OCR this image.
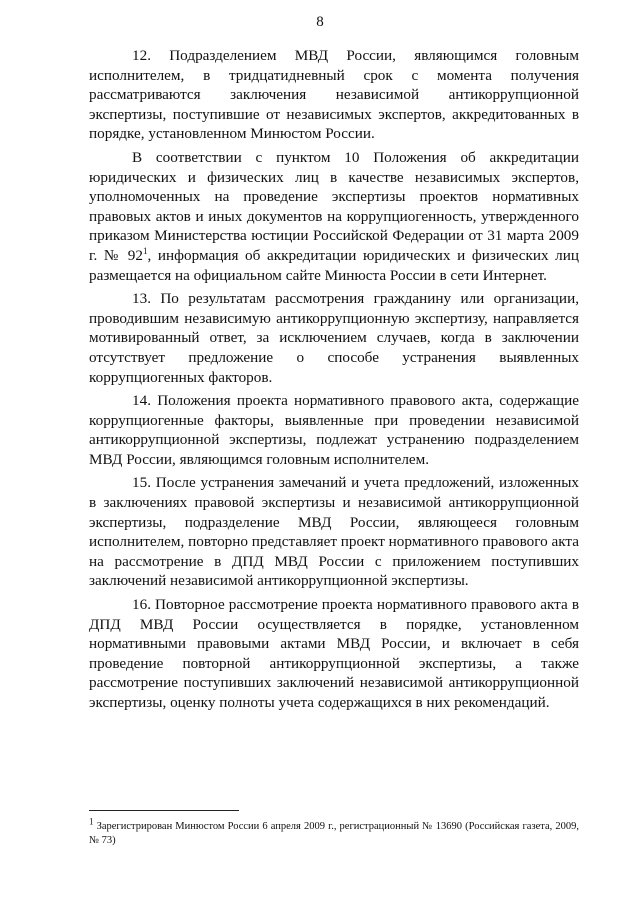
8

12. Подразделением МВД России, являющимся головным исполнителем, в тридцатидневный срок с момента получения рассматриваются заключения независимой антикоррупционной экспертизы, поступившие от независимых экспертов, аккредитованных в порядке, установленном Минюстом России.

В соответствии с пунктом 10 Положения об аккредитации юридических и физических лиц в качестве независимых экспертов, уполномоченных на проведение экспертизы проектов нормативных правовых актов и иных документов на коррупциогенность, утвержденного приказом Министерства юстиции Российской Федерации от 31 марта 2009 г. № $92^1$, информация об аккредитации юридических и физических лиц размещается на официальном сайте Минюста России в сети Интернет.

13. По результатам рассмотрения гражданину или организации, проводившим независимую антикоррупционную экспертизу, направляется мотивированный ответ, за исключением случаев, когда в заключении отсутствует предложение о способе устранения выявленных коррупциогенных факторов.

14. Положения проекта нормативного правового акта, содержащие коррупциогенные факторы, выявленные при проведении независимой антикоррупционной экспертизы, подлежат устранению подразделением МВД России, являющимся головным исполнителем.

15. После устранения замечаний и учета предложений, изложенных в заключениях правовой экспертизы и независимой антикоррупционной экспертизы, подразделение МВД России, являющееся головным исполнителем, повторно представляет проект нормативного правового акта на рассмотрение в ДПД МВД России с приложением поступивших заключений независимой антикоррупционной экспертизы.

16. Повторное рассмотрение проекта нормативного правового акта в ДПД МВД России осуществляется в порядке, установленном нормативными правовыми актами МВД России, и включает в себя проведение повторной антикоррупционной экспертизы, а также рассмотрение поступивших заключений независимой антикоррупционной экспертизы, оценку полноты учета содержащихся в них рекомендаций.

$^1$ Зарегистрирован Минюстом России 6 апреля 2009 г., регистрационный № 13690 (Российская газета, 2009, № 73)
